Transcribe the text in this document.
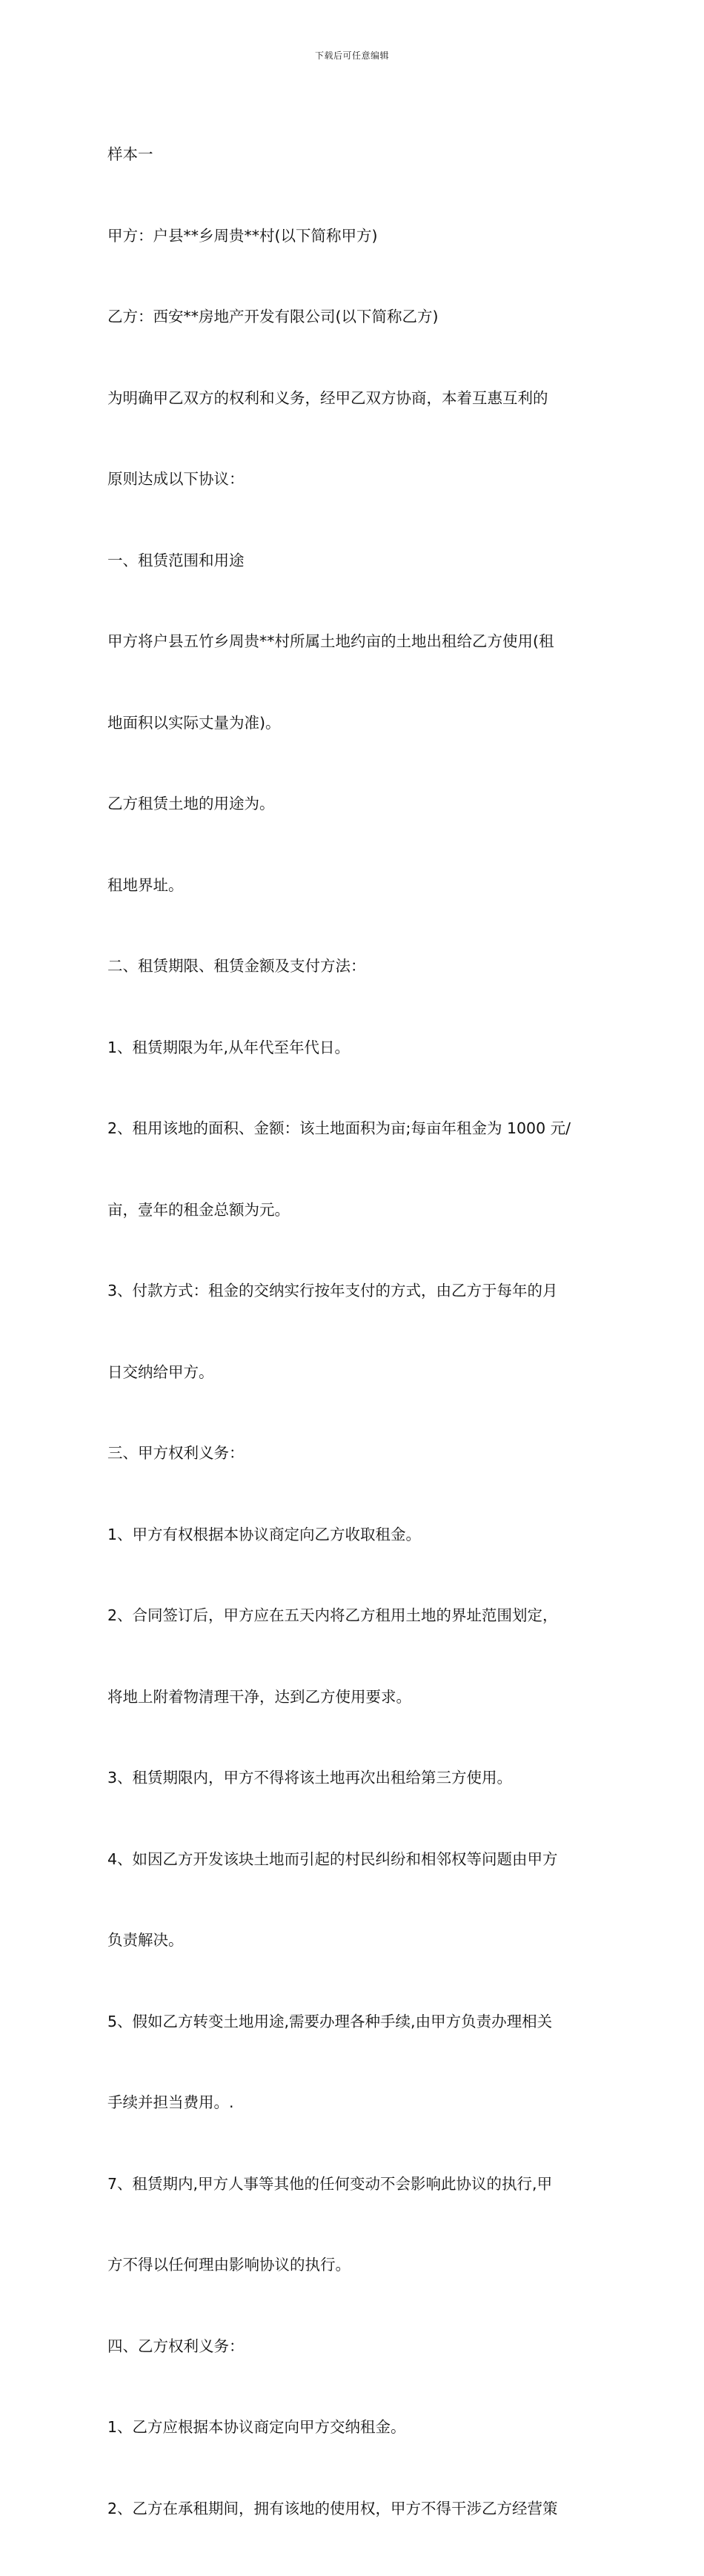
下载后可任意编辑

样本一

甲方：户县**乡周贵**村(以下简称甲方)

乙方：西安**房地产开发有限公司(以下简称乙方)

为明确甲乙双方的权利和义务，经甲乙双方协商，本着互惠互利的

原则达成以下协议：

一、租赁范围和用途

甲方将户县五竹乡周贵**村所属土地约亩的土地出租给乙方使用(租

地面积以实际丈量为准)。

乙方租赁土地的用途为。

租地界址。

二、租赁期限、租赁金额及支付方法：

1、租赁期限为年,从年代至年代日。

2、租用该地的面积、金额：该土地面积为亩;每亩年租金为 1000 元/

亩，壹年的租金总额为元。

3、付款方式：租金的交纳实行按年支付的方式，由乙方于每年的月

日交纳给甲方。

三、甲方权利义务：

1、甲方有权根据本协议商定向乙方收取租金。

2、合同签订后，甲方应在五天内将乙方租用土地的界址范围划定，

将地上附着物清理干净，达到乙方使用要求。

3、租赁期限内，甲方不得将该土地再次出租给第三方使用。

4、如因乙方开发该块土地而引起的村民纠纷和相邻权等问题由甲方

负责解决。

5、假如乙方转变土地用途,需要办理各种手续,由甲方负责办理相关

手续并担当费用。.

7、租赁期内,甲方人事等其他的任何变动不会影响此协议的执行,甲

方不得以任何理由影响协议的执行。

四、乙方权利义务：

1、乙方应根据本协议商定向甲方交纳租金。

2、乙方在承租期间，拥有该地的使用权，甲方不得干涉乙方经营策
